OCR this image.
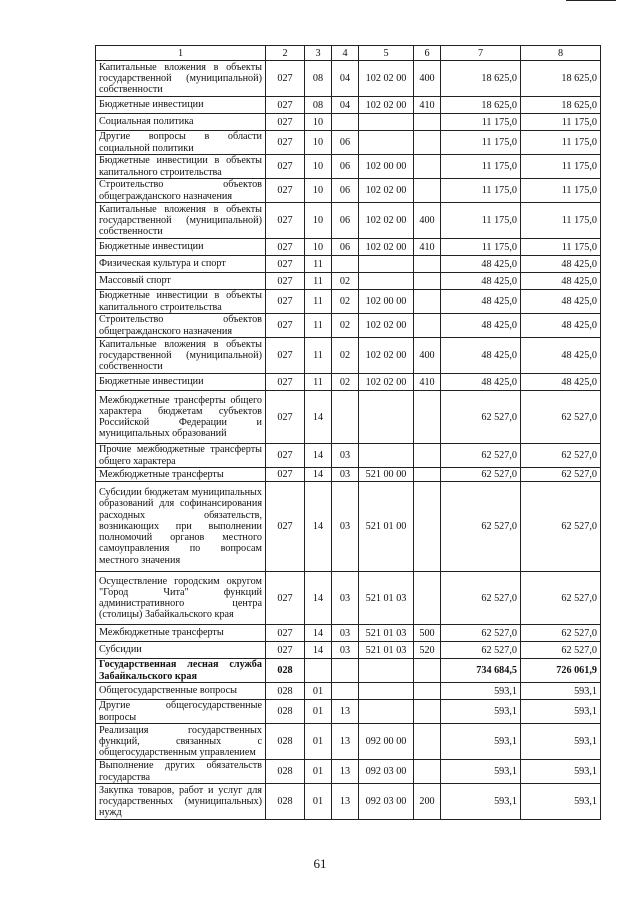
1	2	3	4	5	6	7	8
Капитальные вложения в объекты государственной (муниципальной) собственности	027	08	04	102 02 00	400	18 625,0	18 625,0
Бюджетные инвестиции	027	08	04	102 02 00	410	18 625,0	18 625,0
Социальная политика	027	10				11 175,0	11 175,0
Другие вопросы в области социальной политики	027	10	06			11 175,0	11 175,0
Бюджетные инвестиции в объекты капитального строительства	027	10	06	102 00 00		11 175,0	11 175,0
Строительство объектов общегражданского назначения	027	10	06	102 02 00		11 175,0	11 175,0
Капитальные вложения в объекты государственной (муниципальной) собственности	027	10	06	102 02 00	400	11 175,0	11 175,0
Бюджетные инвестиции	027	10	06	102 02 00	410	11 175,0	11 175,0
Физическая культура и спорт	027	11				48 425,0	48 425,0
Массовый спорт	027	11	02			48 425,0	48 425,0
Бюджетные инвестиции в объекты капитального строительства	027	11	02	102 00 00		48 425,0	48 425,0
Строительство объектов общегражданского назначения	027	11	02	102 02 00		48 425,0	48 425,0
Капитальные вложения в объекты государственной (муниципальной) собственности	027	11	02	102 02 00	400	48 425,0	48 425,0
Бюджетные инвестиции	027	11	02	102 02 00	410	48 425,0	48 425,0
Межбюджетные трансферты общего характера бюджетам субъектов Российской Федерации и муниципальных образований	027	14				62 527,0	62 527,0
Прочие межбюджетные трансферты общего характера	027	14	03			62 527,0	62 527,0
Межбюджетные трансферты	027	14	03	521 00 00		62 527,0	62 527,0
Субсидии бюджетам муниципальных образований для софинансирования расходных обязательств, возникающих при выполнении полномочий органов местного самоуправления по вопросам местного значения	027	14	03	521 01 00		62 527,0	62 527,0
Осуществление городским округом "Город Чита" функций административного центра (столицы) Забайкальского края	027	14	03	521 01 03		62 527,0	62 527,0
Межбюджетные трансферты	027	14	03	521 01 03	500	62 527,0	62 527,0
Субсидии	027	14	03	521 01 03	520	62 527,0	62 527,0
Государственная лесная служба Забайкальского края	028					734 684,5	726 061,9
Общегосударственные вопросы	028	01				593,1	593,1
Другие общегосударственные вопросы	028	01	13			593,1	593,1
Реализация государственных функций, связанных с общегосударственным управлением	028	01	13	092 00 00		593,1	593,1
Выполнение других обязательств государства	028	01	13	092 03 00		593,1	593,1
Закупка товаров, работ и услуг для государственных (муниципальных) нужд	028	01	13	092 03 00	200	593,1	593,1
61
